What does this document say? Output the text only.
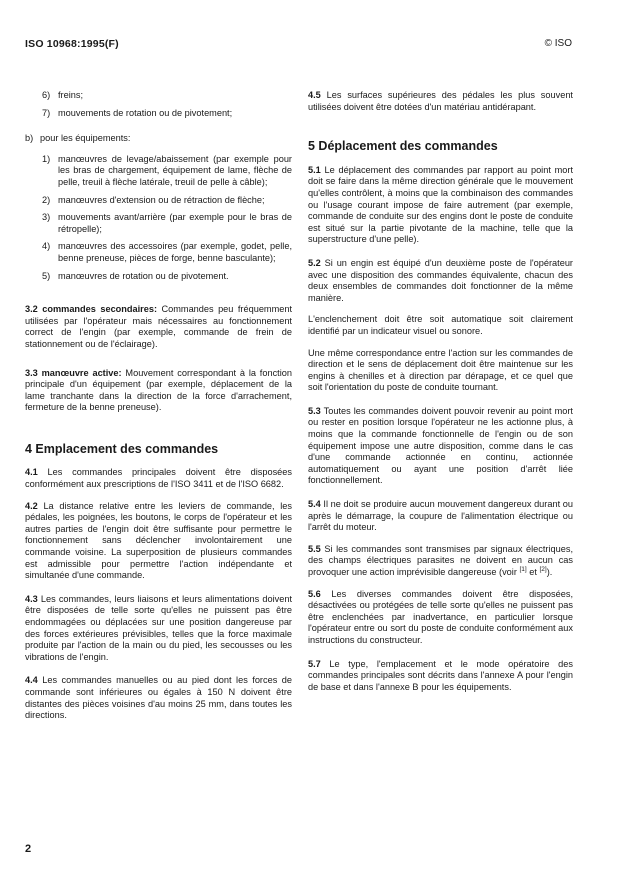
ISO 10968:1995(F)	© ISO
6) freins;
7) mouvements de rotation ou de pivotement;
b) pour les équipements:
1) manœuvres de levage/abaissement (par exemple pour les bras de chargement, équipement de lame, flèche de pelle, treuil à flèche latérale, treuil de pelle à câble);
2) manœuvres d'extension ou de rétraction de flèche;
3) mouvements avant/arrière (par exemple pour le bras de rétropelle);
4) manœuvres des accessoires (par exemple, godet, pelle, benne preneuse, pièces de forge, benne basculante);
5) manœuvres de rotation ou de pivotement.

3.2 commandes secondaires: Commandes peu fréquemment utilisées par l'opérateur mais nécessaires au fonctionnement correct de l'engin (par exemple, commande de frein de stationnement ou de l'éclairage).

3.3 manœuvre active: Mouvement correspondant à la fonction principale d'un équipement (par exemple, déplacement de la lame tranchante dans la direction de la force d'arrachement, fermeture de la benne preneuse).

4 Emplacement des commandes

4.1 Les commandes principales doivent être disposées conformément aux prescriptions de l'ISO 3411 et de l'ISO 6682.

4.2 La distance relative entre les leviers de commande, les pédales, les poignées, les boutons, le corps de l'opérateur et les autres parties de l'engin doit être suffisante pour permettre le fonctionnement sans déclencher involontairement une commande voisine. La superposition de plusieurs commandes est admissible pour permettre l'action indépendante et simultanée d'une commande.

4.3 Les commandes, leurs liaisons et leurs alimentations doivent être disposées de telle sorte qu'elles ne puissent pas être endommagées ou déplacées sur une position dangereuse par des forces extérieures prévisibles, telles que la force maximale produite par l'action de la main ou du pied, les secousses ou les vibrations de l'engin.

4.4 Les commandes manuelles ou au pied dont les forces de commande sont inférieures ou égales à 150 N doivent être distantes des pièces voisines d'au moins 25 mm, dans toutes les directions.

4.5 Les surfaces supérieures des pédales les plus souvent utilisées doivent être dotées d'un matériau antidérapant.

5 Déplacement des commandes

5.1 Le déplacement des commandes par rapport au point mort doit se faire dans la même direction générale que le mouvement qu'elles contrôlent, à moins que la combinaison des commandes ou l'usage courant impose de faire autrement (par exemple, commande de conduite sur des engins dont le poste de conduite est situé sur la partie pivotante de la machine, telle que la superstructure d'une pelle).

5.2 Si un engin est équipé d'un deuxième poste de l'opérateur avec une disposition des commandes équivalente, chacun des deux ensembles de commandes doit fonctionner de la même manière.

L'enclenchement doit être soit automatique soit clairement identifié par un indicateur visuel ou sonore.

Une même correspondance entre l'action sur les commandes de direction et le sens de déplacement doit être maintenue sur les engins à chenilles et à direction par dérapage, et ce quel que soit l'orientation du poste de conduite tournant.

5.3 Toutes les commandes doivent pouvoir revenir au point mort ou rester en position lorsque l'opérateur ne les actionne plus, à moins que la commande fonctionnelle de l'engin ou de son équipement impose une autre disposition, comme dans le cas d'une commande actionnée en continu, actionnée automatiquement ou ayant une position d'arrêt liée fonctionnellement.

5.4 Il ne doit se produire aucun mouvement dangereux durant ou après le démarrage, la coupure de l'alimentation électrique ou l'arrêt du moteur.

5.5 Si les commandes sont transmises par signaux électriques, des champs électriques parasites ne doivent en aucun cas provoquer une action imprévisible dangereuse (voir [1] et [2]).

5.6 Les diverses commandes doivent être disposées, désactivées ou protégées de telle sorte qu'elles ne puissent pas être enclenchées par inadvertance, en particulier lorsque l'opérateur entre ou sort du poste de conduite conformément aux instructions du constructeur.

5.7 Le type, l'emplacement et le mode opératoire des commandes principales sont décrits dans l'annexe A pour l'engin de base et dans l'annexe B pour les équipements.

2
